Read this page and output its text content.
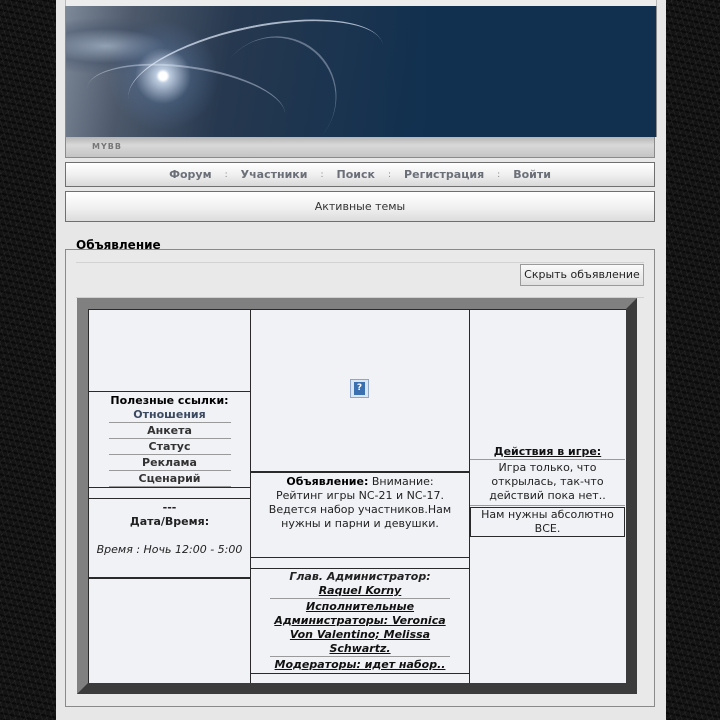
MYBB
Форум	:	Участники	:	Поиск	:	Регистрация	:	Войти
Активные темы
Объявление
Скрыть объявление
Полезные ссылки:
Отношения
Анкета
Статус
Реклама
Сценарий
---
Дата/Время:
Время : Ночь 12:00 - 5:00
?
Объявление: Внимание: Рейтинг игры NC-21 и NC-17. Ведется набор участников.Нам нужны и парни и девушки.
Глав. Администратор:
Raquel Korny
Исполнительные Администраторы: Veronica Von Valentino; Melissa Schwartz.
Модераторы: идет набор..
Действия в игре:
Игра только, что открылась, так-что действий пока нет..
Нам нужны абсолютно ВСЕ.
